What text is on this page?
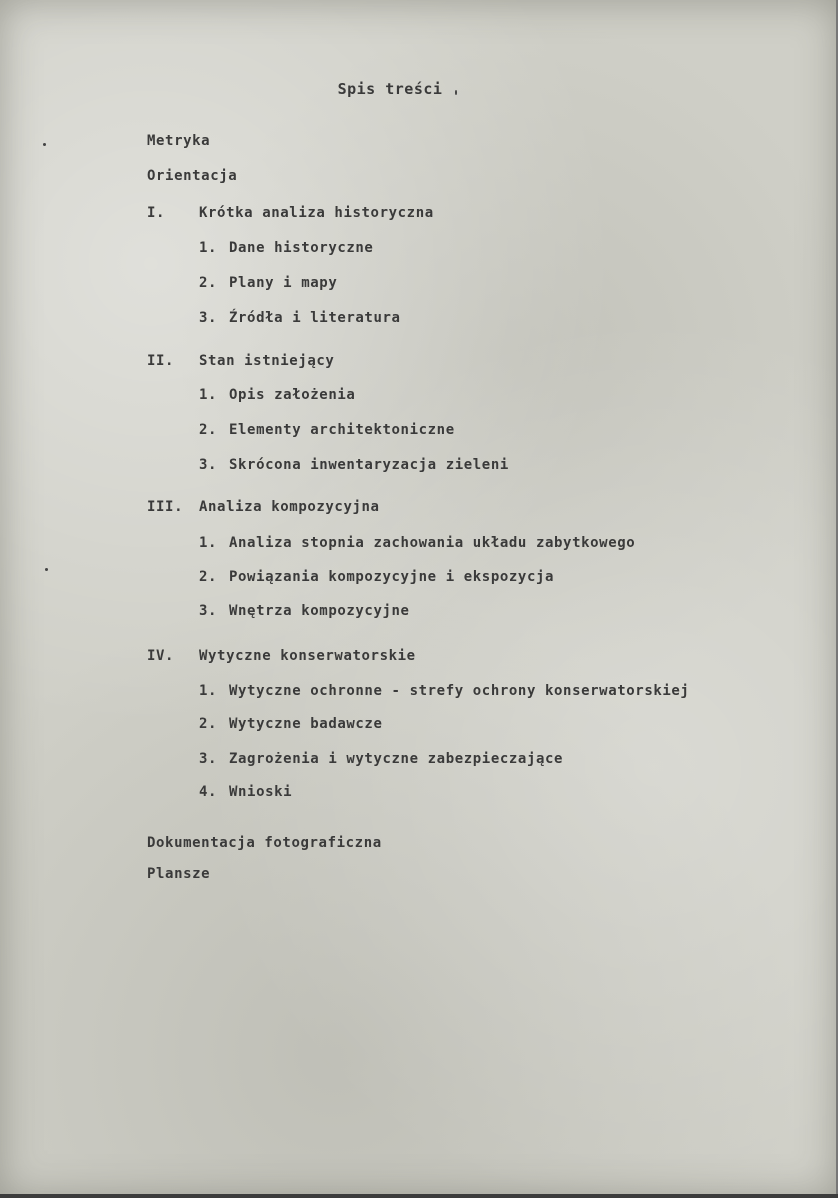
Spis treści
Metryka
Orientacja
I. Krótka analiza historyczna
1. Dane historyczne
2. Plany i mapy
3. Źródła i literatura
II. Stan istniejący
1. Opis założenia
2. Elementy architektoniczne
3. Skrócona inwentaryzacja zieleni
III. Analiza kompozycyjna
1. Analiza stopnia zachowania układu zabytkowego
2. Powiązania kompozycyjne i ekspozycja
3. Wnętrza kompozycyjne
IV. Wytyczne konserwatorskie
1. Wytyczne ochronne - strefy ochrony konserwatorskiej
2. Wytyczne badawcze
3. Zagrożenia i wytyczne zabezpieczające
4. Wnioski
Dokumentacja fotograficzna
Plansze
